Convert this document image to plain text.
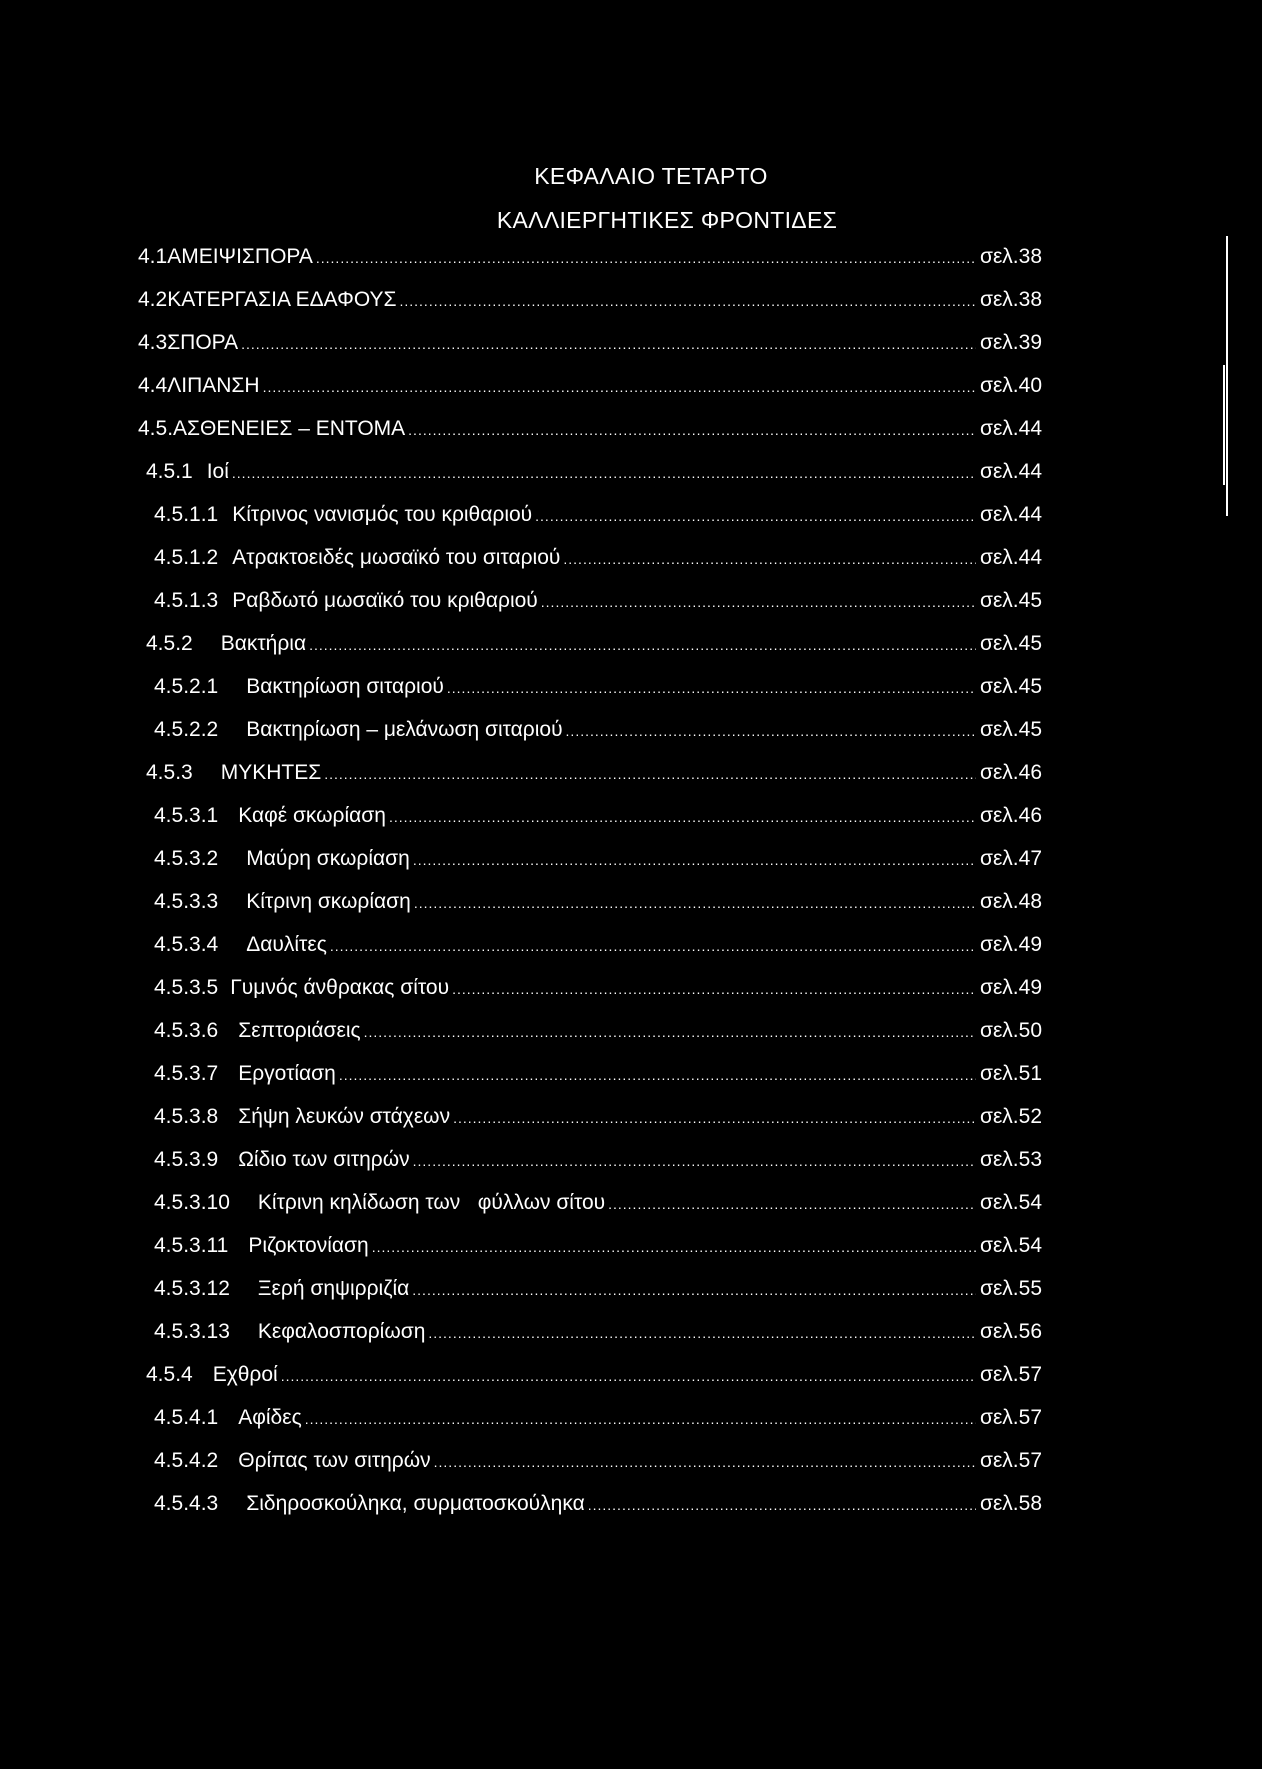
ΚΕΦΑΛΑΙΟ ΤΕΤΑΡΤΟ
ΚΑΛΛΙΕΡΓΗΤΙΚΕΣ ΦΡΟΝΤΙΔΕΣ
4.1 ΑΜΕΙΨΙΣΠΟΡΑ .....	σελ.38
4.2 ΚΑΤΕΡΓΑΣΙΑ ΕΔΑΦΟΥΣ .....	σελ.38
4.3 ΣΠΟΡΑ .....	σελ.39
4.4 ΛΙΠΑΝΣΗ .....	σελ.40
4.5. ΑΣΘΕΝΕΙΕΣ – ΕΝΤΟΜΑ .....	σελ.44
4.5.1 Ιοί .....	σελ.44
4.5.1.1 Κίτρινος νανισμός του κριθαριού .....	σελ.44
4.5.1.2 Ατρακτοειδές μωσαϊκό του σιταριού .....	σελ.44
4.5.1.3 Ραβδωτό μωσαϊκό του κριθαριού .....	σελ.45
4.5.2 Βακτήρια .....	σελ.45
4.5.2.1 Βακτηρίωση σιταριού .....	σελ.45
4.5.2.2 Βακτηρίωση – μελάνωση σιταριού .....	σελ.45
4.5.3 ΜΥΚΗΤΕΣ .....	σελ.46
4.5.3.1 Καφέ σκωρίαση .....	σελ.46
4.5.3.2 Μαύρη σκωρίαση .....	σελ.47
4.5.3.3 Κίτρινη σκωρίαση .....	σελ.48
4.5.3.4 Δαυλίτες .....	σελ.49
4.5.3.5 Γυμνός άνθρακας σίτου .....	σελ.49
4.5.3.6 Σεπτοριάσεις .....	σελ.50
4.5.3.7 Εργοτίαση .....	σελ.51
4.5.3.8 Σήψη λευκών στάχεων .....	σελ.52
4.5.3.9 Ωίδιο των σιτηρών .....	σελ.53
4.5.3.10 Κίτρινη κηλίδωση των   φύλλων σίτου .....	σελ.54
4.5.3.11 Ριζοκτονίαση .....	σελ.54
4.5.3.12 Ξερή σηψιρριζία .....	σελ.55
4.5.3.13 Κεφαλοσπορίωση .....	σελ.56
4.5.4 Εχθροί .....	σελ.57
4.5.4.1 Αφίδες .....	σελ.57
4.5.4.2 Θρίπας των σιτηρών .....	σελ.57
4.5.4.3 Σιδηροσκούληκα, συρματοσκούληκα .....	σελ.58
